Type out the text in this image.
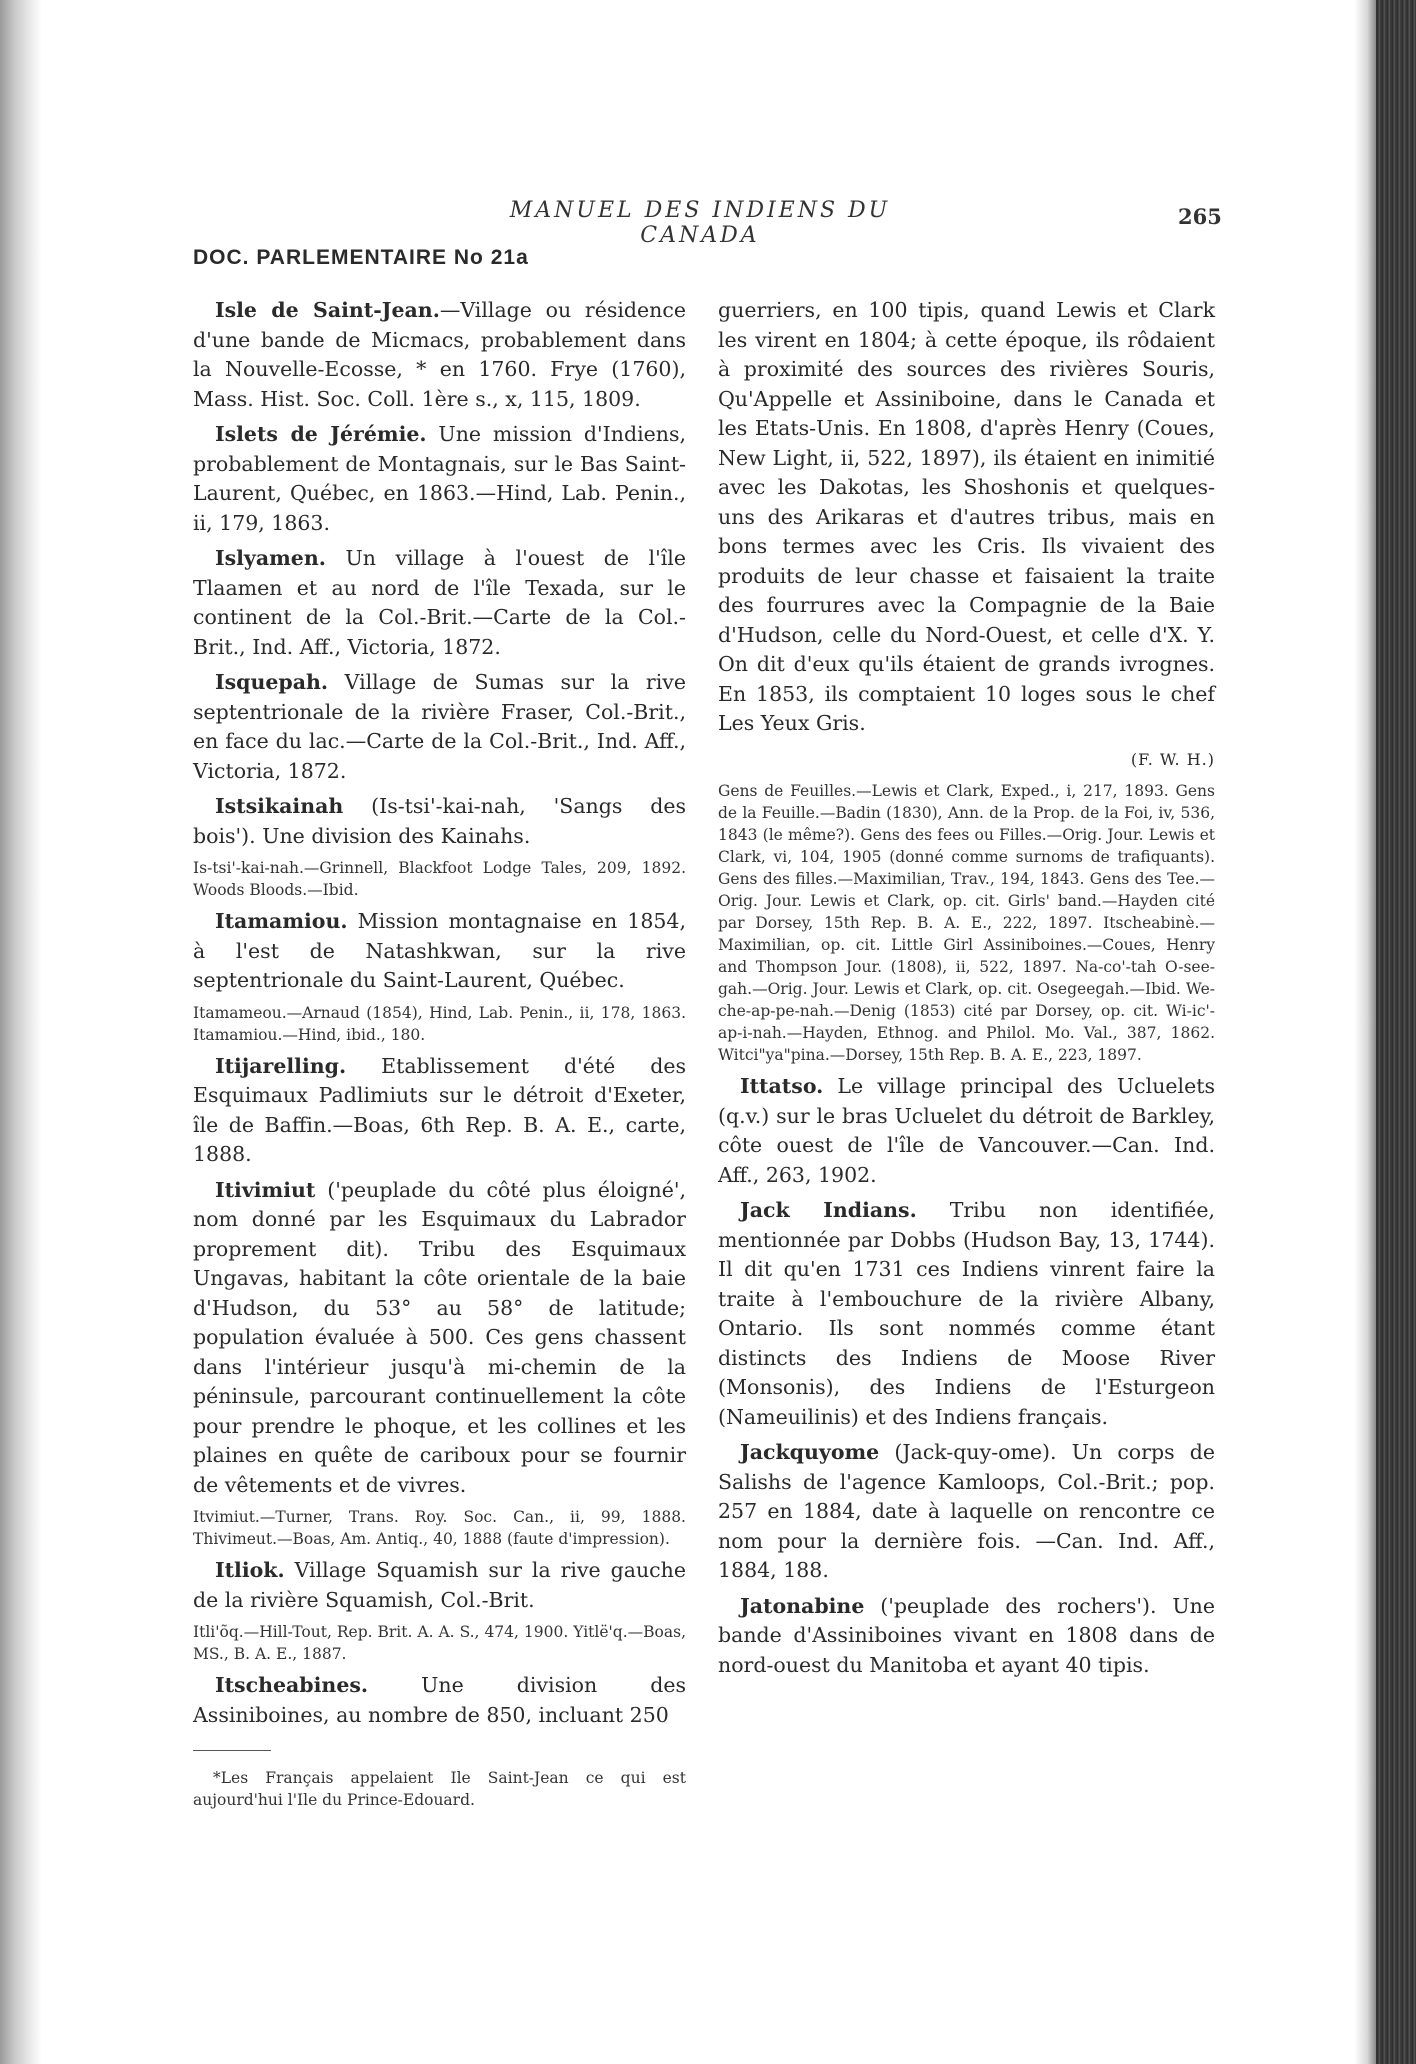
MANUEL DES INDIENS DU CANADA
265
DOC. PARLEMENTAIRE No 21a

Isle de Saint-Jean.—Village ou résidence d'une bande de Micmacs, probablement dans la Nouvelle-Ecosse, * en 1760. Frye (1760), Mass. Hist. Soc. Coll. 1ère s., x, 115, 1809.

Islets de Jérémie. Une mission d'Indiens, probablement de Montagnais, sur le Bas Saint-Laurent, Québec, en 1863.—Hind, Lab. Penin., ii, 179, 1863.

Islyamen. Un village à l'ouest de l'île Tlaamen et au nord de l'île Texada, sur le continent de la Col.-Brit.—Carte de la Col.-Brit., Ind. Aff., Victoria, 1872.

Isquepah. Village de Sumas sur la rive septentrionale de la rivière Fraser, Col.-Brit., en face du lac.—Carte de la Col.-Brit., Ind. Aff., Victoria, 1872.

Istsikainah (Is-tsi'-kai-nah, 'Sangs des bois'). Une division des Kainahs.

Is-tsi'-kai-nah.—Grinnell, Blackfoot Lodge Tales, 209, 1892. Woods Bloods.—Ibid.

Itamamiou. Mission montagnaise en 1854, à l'est de Natashkwan, sur la rive septentrionale du Saint-Laurent, Québec.

Itamameou.—Arnaud (1854), Hind, Lab. Penin., ii, 178, 1863. Itamamiou.—Hind, ibid., 180.

Itijarelling. Etablissement d'été des Esquimaux Padlimiuts sur le détroit d'Exeter, île de Baffin.—Boas, 6th Rep. B. A. E., carte, 1888.

Itivimiut ('peuplade du côté plus éloigné', nom donné par les Esquimaux du Labrador proprement dit). Tribu des Esquimaux Ungavas, habitant la côte orientale de la baie d'Hudson, du 53° au 58° de latitude; population évaluée à 500. Ces gens chassent dans l'intérieur jusqu'à mi-chemin de la péninsule, parcourant continuellement la côte pour prendre le phoque, et les collines et les plaines en quête de cariboux pour se fournir de vêtements et de vivres.

Itvimiut.—Turner, Trans. Roy. Soc. Can., ii, 99, 1888. Thivimeut.—Boas, Am. Antiq., 40, 1888 (faute d'impression).

Itliok. Village Squamish sur la rive gauche de la rivière Squamish, Col.-Brit.

Itli'õq.—Hill-Tout, Rep. Brit. A. A. S., 474, 1900. Yitlë'q.—Boas, MS., B. A. E., 1887.

Itscheabines. Une division des Assiniboines, au nombre de 850, incluant 250

*Les Français appelaient Ile Saint-Jean ce qui est aujourd'hui l'Ile du Prince-Edouard.

guerriers, en 100 tipis, quand Lewis et Clark les virent en 1804; à cette époque, ils rôdaient à proximité des sources des rivières Souris, Qu'Appelle et Assiniboine, dans le Canada et les Etats-Unis. En 1808, d'après Henry (Coues, New Light, ii, 522, 1897), ils étaient en inimitié avec les Dakotas, les Shoshonis et quelques-uns des Arikaras et d'autres tribus, mais en bons termes avec les Cris. Ils vivaient des produits de leur chasse et faisaient la traite des fourrures avec la Compagnie de la Baie d'Hudson, celle du Nord-Ouest, et celle d'X. Y. On dit d'eux qu'ils étaient de grands ivrognes. En 1853, ils comptaient 10 loges sous le chef Les Yeux Gris.

(F. W. H.)

Gens de Feuilles.—Lewis et Clark, Exped., i, 217, 1893. Gens de la Feuille.—Badin (1830), Ann. de la Prop. de la Foi, iv, 536, 1843 (le même?). Gens des fees ou Filles.—Orig. Jour. Lewis et Clark, vi, 104, 1905 (donné comme surnoms de trafiquants). Gens des filles.—Maximilian, Trav., 194, 1843. Gens des Tee.—Orig. Jour. Lewis et Clark, op. cit. Girls' band.—Hayden cité par Dorsey, 15th Rep. B. A. E., 222, 1897. Itscheabinè.—Maximilian, op. cit. Little Girl Assiniboines.—Coues, Henry and Thompson Jour. (1808), ii, 522, 1897. Na-co'-tah O-see-gah.—Orig. Jour. Lewis et Clark, op. cit. Osegeegah.—Ibid. We-che-ap-pe-nah.—Denig (1853) cité par Dorsey, op. cit. Wi-ic'-ap-i-nah.—Hayden, Ethnog. and Philol. Mo. Val., 387, 1862. Witci"ya"pina.—Dorsey, 15th Rep. B. A. E., 223, 1897.

Ittatso. Le village principal des Ucluelets (q.v.) sur le bras Ucluelet du détroit de Barkley, côte ouest de l'île de Vancouver.—Can. Ind. Aff., 263, 1902.

Jack Indians. Tribu non identifiée, mentionnée par Dobbs (Hudson Bay, 13, 1744). Il dit qu'en 1731 ces Indiens vinrent faire la traite à l'embouchure de la rivière Albany, Ontario. Ils sont nommés comme étant distincts des Indiens de Moose River (Monsonis), des Indiens de l'Esturgeon (Nameuilinis) et des Indiens français.

Jackquyome (Jack-quy-ome). Un corps de Salishs de l'agence Kamloops, Col.-Brit.; pop. 257 en 1884, date à laquelle on rencontre ce nom pour la dernière fois. —Can. Ind. Aff., 1884, 188.

Jatonabine ('peuplade des rochers'). Une bande d'Assiniboines vivant en 1808 dans de nord-ouest du Manitoba et ayant 40 tipis.
